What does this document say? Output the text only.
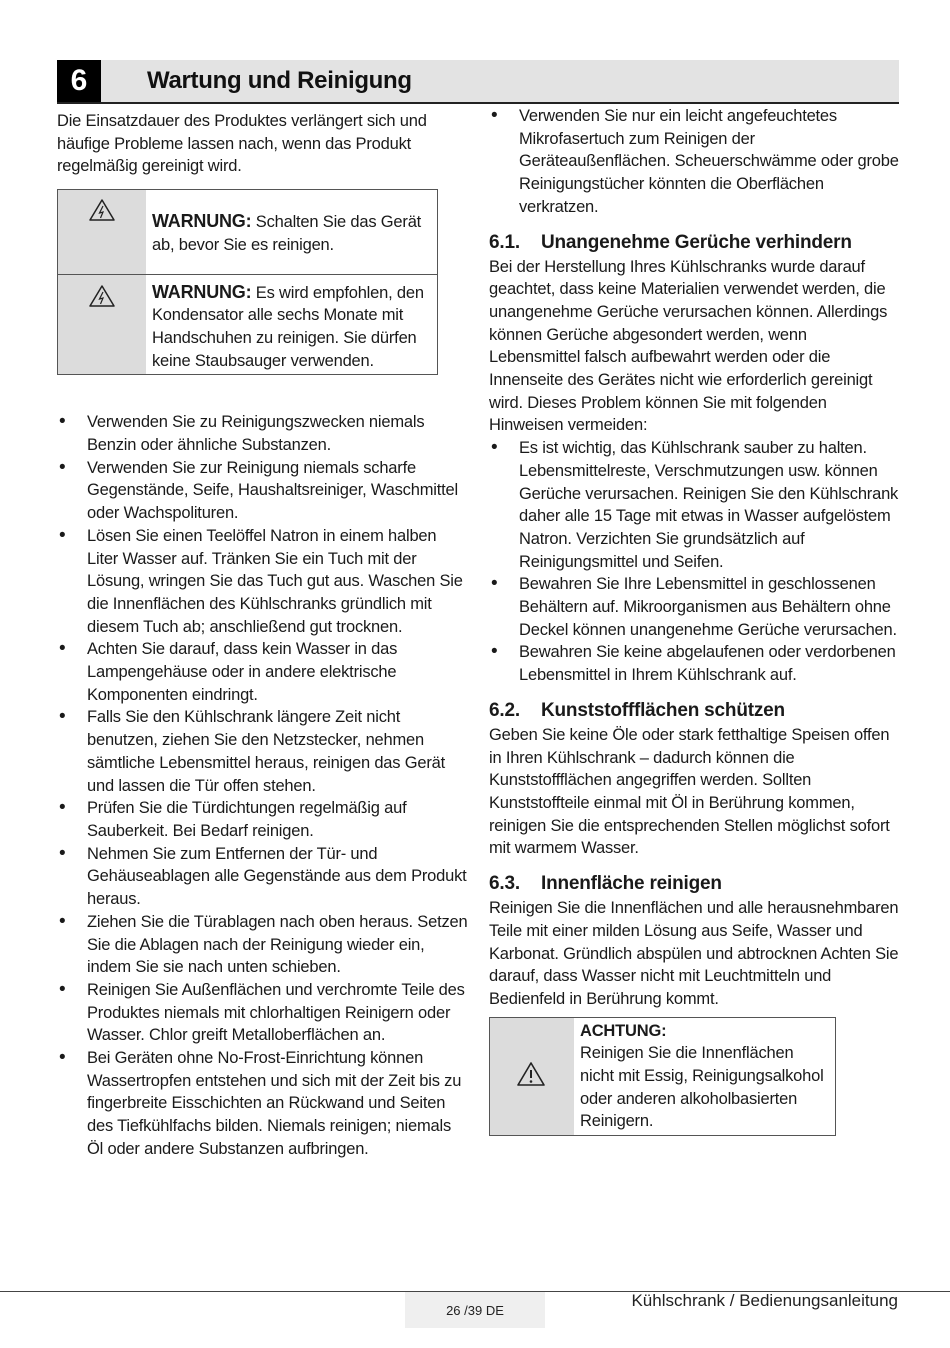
6	Wartung und Reinigung

Die Einsatzdauer des Produktes verlängert sich und häufige Probleme lassen nach, wenn das Produkt regelmäßig gereinigt wird.

WARNUNG: Schalten Sie das Gerät ab, bevor Sie es reinigen.
WARNUNG: Es wird empfohlen, den Kondensator alle sechs Monate mit Handschuhen zu reinigen. Sie dürfen keine Staubsauger verwenden.
• Verwenden Sie zu Reinigungszwecken niemals Benzin oder ähnliche Substanzen.
• Verwenden Sie zur Reinigung niemals scharfe Gegenstände, Seife, Haushaltsreiniger, Waschmittel oder Wachspolituren.
• Lösen Sie einen Teelöffel Natron in einem halben Liter Wasser auf. Tränken Sie ein Tuch mit der Lösung, wringen Sie das Tuch gut aus. Waschen Sie die Innenflächen des Kühlschranks gründlich mit diesem Tuch ab; anschließend gut trocknen.
• Achten Sie darauf, dass kein Wasser in das Lampengehäuse oder in andere elektrische Komponenten eindringt.
• Falls Sie den Kühlschrank längere Zeit nicht benutzen, ziehen Sie den Netzstecker, nehmen sämtliche Lebensmittel heraus, reinigen das Gerät und lassen die Tür offen stehen.
• Prüfen Sie die Türdichtungen regelmäßig auf Sauberkeit. Bei Bedarf reinigen.
• Nehmen Sie zum Entfernen der Tür- und Gehäuseablagen alle Gegenstände aus dem Produkt heraus.
• Ziehen Sie die Türablagen nach oben heraus. Setzen Sie die Ablagen nach der Reinigung wieder ein, indem Sie sie nach unten schieben.
• Reinigen Sie Außenflächen und verchromte Teile des Produktes niemals mit chlorhaltigen Reinigern oder Wasser. Chlor greift Metalloberflächen an.
• Bei Geräten ohne No-Frost-Einrichtung können Wassertropfen entstehen und sich mit der Zeit bis zu fingerbreite Eisschichten an Rückwand und Seiten des Tiefkühlfachs bilden. Niemals reinigen; niemals Öl oder andere Substanzen aufbringen.
• Verwenden Sie nur ein leicht angefeuchtetes Mikrofasertuch zum Reinigen der Geräteaußenflächen. Scheuerschwämme oder grobe Reinigungstücher könnten die Oberflächen verkratzen.
6.1. Unangenehme Gerüche verhindern

Bei der Herstellung Ihres Kühlschranks wurde darauf geachtet, dass keine Materialien verwendet werden, die unangenehme Gerüche verursachen können. Allerdings können Gerüche abgesondert werden, wenn Lebensmittel falsch aufbewahrt werden oder die Innenseite des Gerätes nicht wie erforderlich gereinigt wird. Dieses Problem können Sie mit folgenden Hinweisen vermeiden:

• Es ist wichtig, das Kühlschrank sauber zu halten. Lebensmittelreste, Verschmutzungen usw. können Gerüche verursachen. Reinigen Sie den Kühlschrank daher alle 15 Tage mit etwas in Wasser aufgelöstem Natron. Verzichten Sie grundsätzlich auf Reinigungsmittel und Seifen.
• Bewahren Sie Ihre Lebensmittel in geschlossenen Behältern auf. Mikroorganismen aus Behältern ohne Deckel können unangenehme Gerüche verursachen.
• Bewahren Sie keine abgelaufenen oder verdorbenen Lebensmittel in Ihrem Kühlschrank auf.
6.2. Kunststoffflächen schützen

Geben Sie keine Öle oder stark fetthaltige Speisen offen in Ihren Kühlschrank – dadurch können die Kunststoffflächen angegriffen werden. Sollten Kunststoffteile einmal mit Öl in Berührung kommen, reinigen Sie die entsprechenden Stellen möglichst sofort mit warmem Wasser.

6.3. Innenfläche reinigen

Reinigen Sie die Innenflächen und alle herausnehmbaren Teile mit einer milden Lösung aus Seife, Wasser und Karbonat. Gründlich abspülen und abtrocknen Achten Sie darauf, dass Wasser nicht mit Leuchtmitteln und Bedienfeld in Berührung kommt.

ACHTUNG:
Reinigen Sie die Innenflächen nicht mit Essig, Reinigungsalkohol oder anderen alkoholbasierten Reinigern.
26 /39 DE
Kühlschrank / Bedienungsanleitung
